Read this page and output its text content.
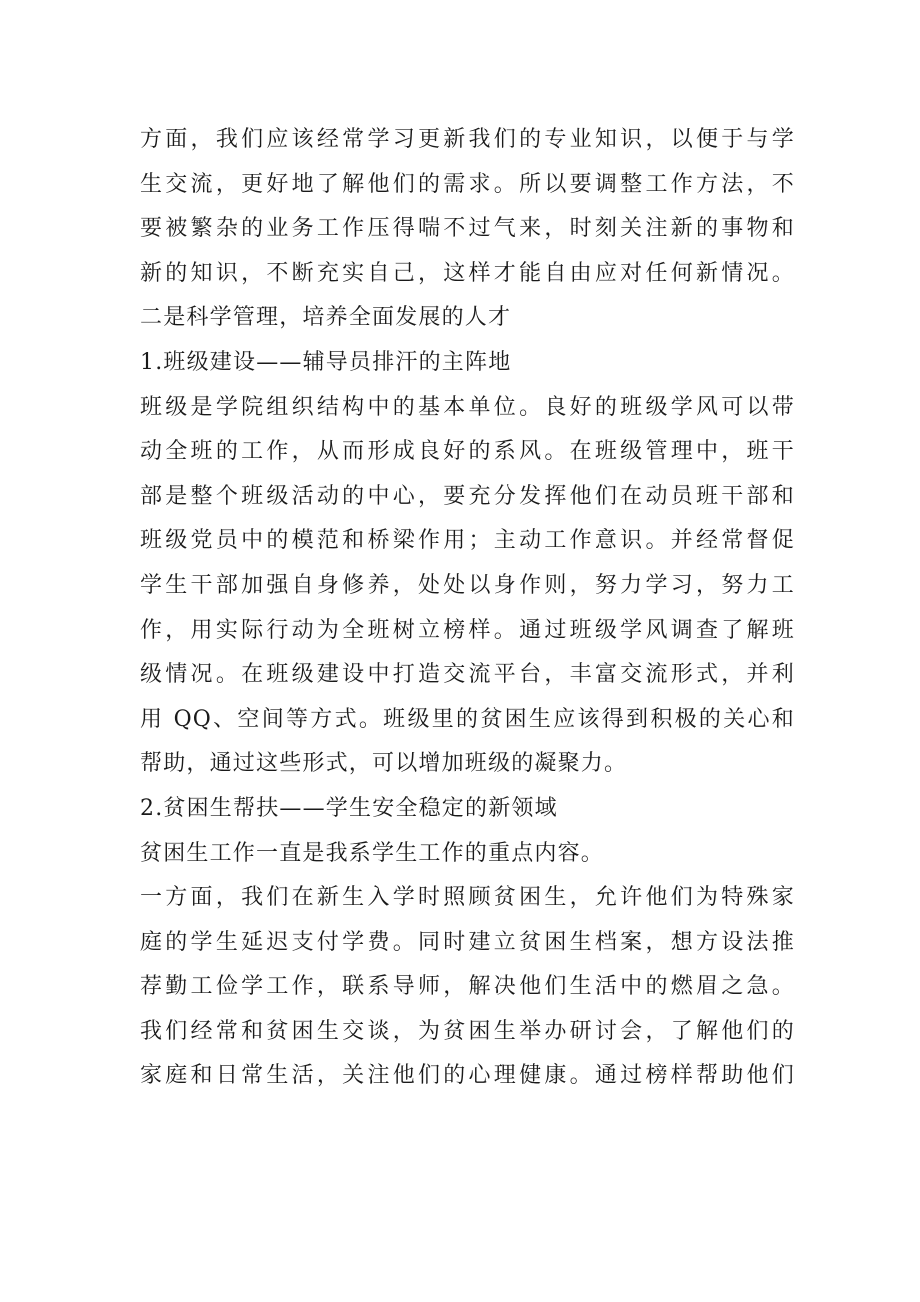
方面，我们应该经常学习更新我们的专业知识，以便于与学
生交流，更好地了解他们的需求。所以要调整工作方法，不
要被繁杂的业务工作压得喘不过气来，时刻关注新的事物和
新的知识，不断充实自己，这样才能自由应对任何新情况。
二是科学管理，培养全面发展的人才
1.班级建设——辅导员排汗的主阵地
班级是学院组织结构中的基本单位。良好的班级学风可以带
动全班的工作，从而形成良好的系风。在班级管理中，班干
部是整个班级活动的中心，要充分发挥他们在动员班干部和
班级党员中的模范和桥梁作用；主动工作意识。并经常督促
学生干部加强自身修养，处处以身作则，努力学习，努力工
作，用实际行动为全班树立榜样。通过班级学风调查了解班
级情况。在班级建设中打造交流平台，丰富交流形式，并利
用 QQ、空间等方式。班级里的贫困生应该得到积极的关心和
帮助，通过这些形式，可以增加班级的凝聚力。
2.贫困生帮扶——学生安全稳定的新领域
贫困生工作一直是我系学生工作的重点内容。
一方面，我们在新生入学时照顾贫困生，允许他们为特殊家
庭的学生延迟支付学费。同时建立贫困生档案，想方设法推
荐勤工俭学工作，联系导师，解决他们生活中的燃眉之急。
我们经常和贫困生交谈，为贫困生举办研讨会，了解他们的
家庭和日常生活，关注他们的心理健康。通过榜样帮助他们
